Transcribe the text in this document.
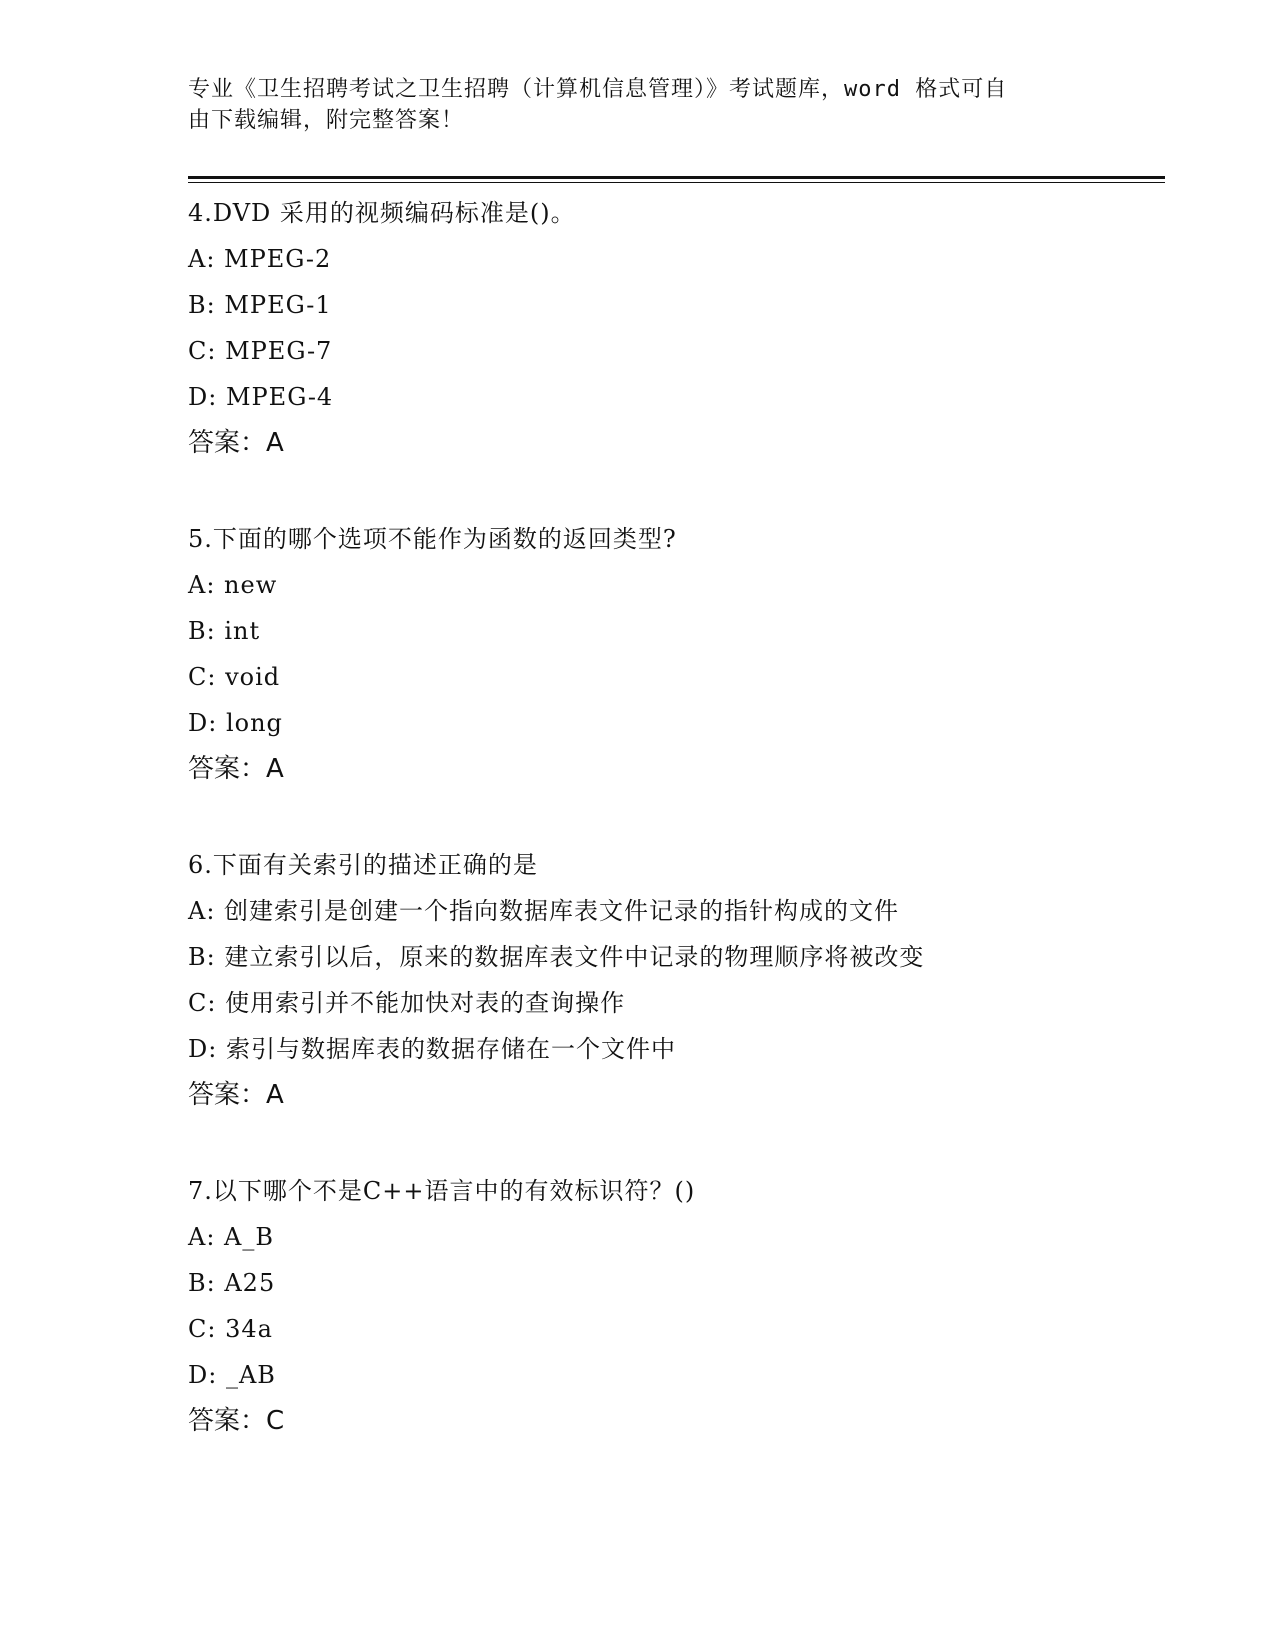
专业《卫生招聘考试之卫生招聘（计算机信息管理）》考试题库，word 格式可自
由下载编辑，附完整答案！
4.DVD 采用的视频编码标准是()。
A: MPEG-2
B: MPEG-1
C: MPEG-7
D: MPEG-4
答案：A
5.下面的哪个选项不能作为函数的返回类型?
A: new
B: int
C: void
D: long
答案：A
6.下面有关索引的描述正确的是
A: 创建索引是创建一个指向数据库表文件记录的指针构成的文件
B: 建立索引以后，原来的数据库表文件中记录的物理顺序将被改变
C: 使用索引并不能加快对表的查询操作
D: 索引与数据库表的数据存储在一个文件中
答案：A
7.以下哪个不是C++语言中的有效标识符？()
A: A_B
B: A25
C: 34a
D: _AB
答案：C
